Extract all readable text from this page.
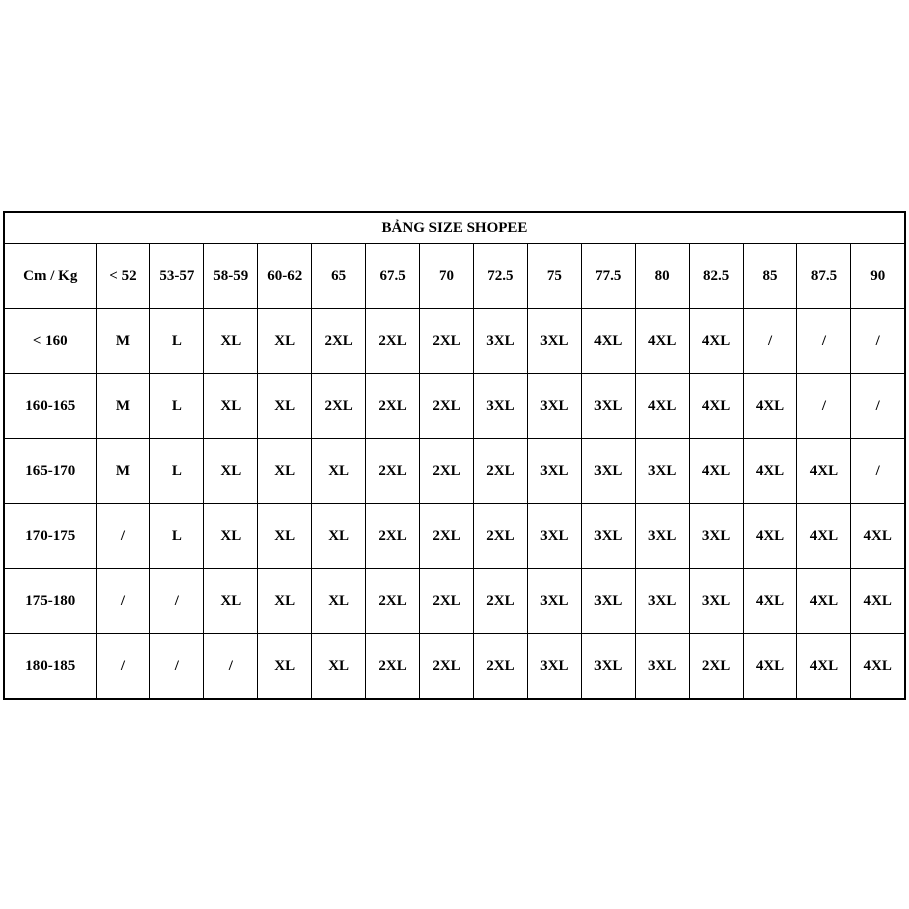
BẢNG SIZE SHOPEE															
Cm / Kg	< 52	53-57	58-59	60-62	65	67.5	70	72.5	75	77.5	80	82.5	85	87.5	90
< 160	M	L	XL	XL	2XL	2XL	2XL	3XL	3XL	4XL	4XL	4XL	/	/	/
160-165	M	L	XL	XL	2XL	2XL	2XL	3XL	3XL	3XL	4XL	4XL	4XL	/	/
165-170	M	L	XL	XL	XL	2XL	2XL	2XL	3XL	3XL	3XL	4XL	4XL	4XL	/
170-175	/	L	XL	XL	XL	2XL	2XL	2XL	3XL	3XL	3XL	3XL	4XL	4XL	4XL
175-180	/	/	XL	XL	XL	2XL	2XL	2XL	3XL	3XL	3XL	3XL	4XL	4XL	4XL
180-185	/	/	/	XL	XL	2XL	2XL	2XL	3XL	3XL	3XL	2XL	4XL	4XL	4XL
